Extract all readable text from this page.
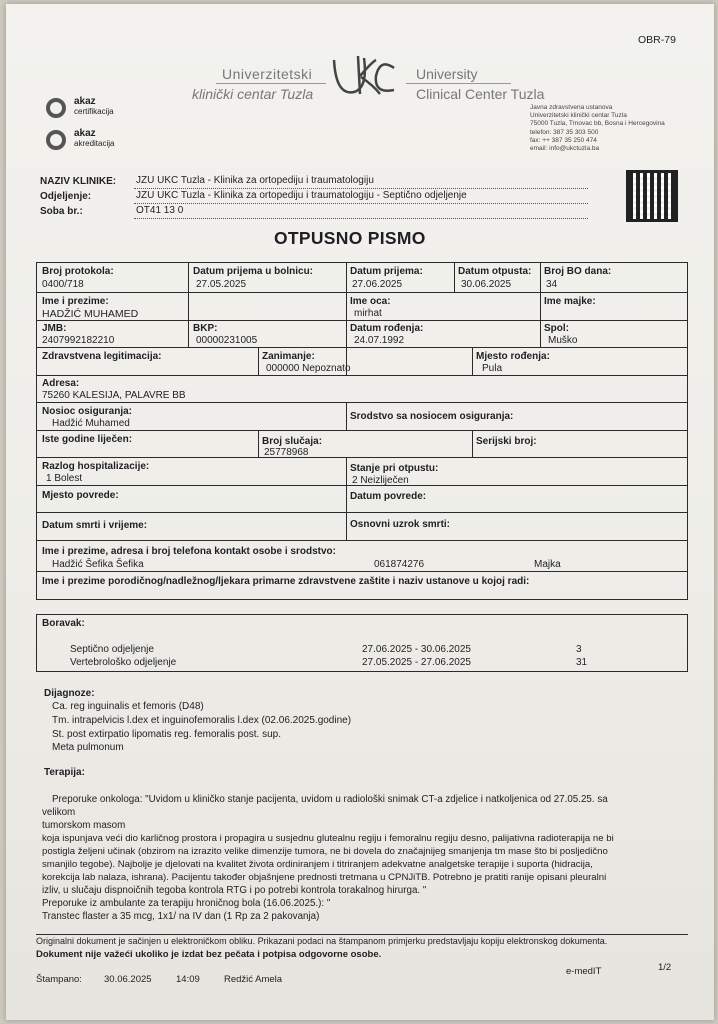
OBR-79
Univerzitetski
klinički centar Tuzla
University
Clinical Center Tuzla
akaz
certifikacija
akaz
akreditacija
Javna zdravstvena ustanova
Univerzitetski klinički centar Tuzla
75000 Tuzla, Trnovac bb, Bosna i Hercegovina
telefon: 387 35 303 500
fax: ++ 387 35 250 474
email: info@ukctuzla.ba
NAZIV KLINIKE: JZU UKC Tuzla - Klinika za ortopediju i traumatologiju
Odjeljenje:	JZU UKC Tuzla - Klinika za ortopediju i traumatologiju - Septično odjeljenje
Soba br.:	OT41 13 0
OTPUSNO PISMO
Broj protokola:
0400/718
Datum prijema u bolnicu:
27.05.2025
Datum prijema:
27.06.2025
Datum otpusta:
30.06.2025
Broj BO dana:
34
Ime i prezime:
HADŽIĆ MUHAMED
Ime oca:
mirhat
Ime majke:
JMB:
2407992182210
BKP:
00000231005
Datum rođenja:
24.07.1992
Spol:
Muško
Zdravstvena legitimacija:	Zanimanje:
000000 Nepoznato
Mjesto rođenja:
Pula
Adresa:
75260 KALESIJA, PALAVRE BB
Nosioc osiguranja:
Hadžić Muhamed
Srodstvo sa nosiocem osiguranja:
Iste godine liječen:	Broj slučaja:
25778968
Serijski broj:
Razlog hospitalizacije:
1 Bolest
Stanje pri otpustu:
2 Neizliječen
Mjesto povrede:	Datum povrede:
Datum smrti i vrijeme:	Osnovni uzrok smrti:
Ime i prezime, adresa i broj telefona kontakt osobe i srodstvo:
Hadžić Šefika Šefika	061874276	Majka
Ime i prezime porodičnog/nadležnog/ljekara primarne zdravstvene zaštite i naziv ustanove u kojoj radi:
Boravak:
Septično odjeljenje	27.06.2025 - 30.06.2025	3
Vertebrološko odjeljenje	27.05.2025 - 27.06.2025	31
Dijagnoze:
Ca. reg inguinalis et femoris (D48)
Tm. intrapelvicis l.dex et inguinofemoralis l.dex (02.06.2025.godine)
St. post extirpatio lipomatis reg. femoralis post. sup.
Meta pulmonum
Terapija:
Preporuke onkologa: "Uvidom u kliničko stanje pacijenta, uvidom u radiološki snimak CT-a zdjelice i natkoljenica od 27.05.25. sa
velikom
tumorskom masom
koja ispunjava veći dio karličnog prostora i propagira u susjednu glutealnu regiju i femoralnu regiju desno, palijativna radioterapija ne bi
postigla željeni učinak (obzirom na izrazito velike dimenzije tumora, ne bi dovela do značajnijeg smanjenja tm mase što bi posljedično
smanjilo tegobe). Najbolje je djelovati na kvalitet života ordiniranjem i titriranjem adekvatne analgetske terapije i suporta (hidracija,
korekcija lab nalaza, ishrana). Pacijentu također objašnjene prednosti tretmana u CPNJiTB. Potrebno je pratiti ranije opisani pleuralni
izliv, u slučaju dispnoičnih tegoba kontrola RTG i po potrebi kontrola torakalnog hirurga. "
Preporuke iz ambulante za terapiju hroničnog bola (16.06.2025.): "
Transtec flaster a 35 mcg, 1x1/ na IV dan (1 Rp za 2 pakovanja)
Originalni dokument je sačinjen u elektroničkom obliku. Prikazani podaci na štampanom primjerku predstavljaju kopiju elektronskog dokumenta.
Dokument nije važeći ukoliko je izdat bez pečata i potpisa odgovorne osobe.
e-medIT	1/2
Štampano: 30.06.2025	14:09	Redžić Amela
